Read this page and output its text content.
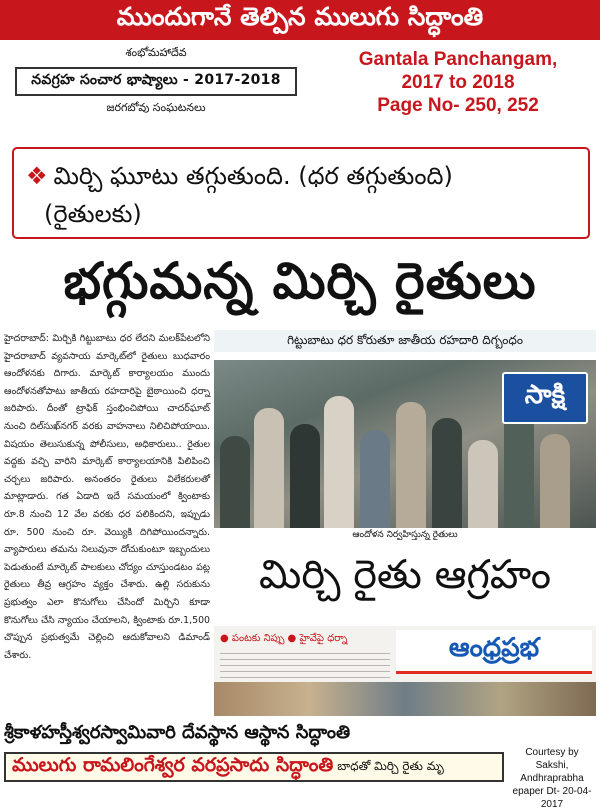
ముందుగానే తెల్పిన ములుగు సిద్ధాంతి
శంభోమహాదేవ
నవగ్రహ సంచార భాష్యాలు - 2017-2018
జరగబోవు సంఘటనలు
Gantala Panchangam,
2017 to 2018
Page No- 250, 252
❖ మిర్చి ఘూటు తగ్గుతుంది. (ధర తగ్గుతుంది)
(రైతులకు)
భగ్గుమన్న మిర్చి రైతులు
హైదరాబాద్: మిర్చికి గిట్టుబాటు ధర లేదని మలక్‌పేటలోని హైదరాబాద్ వ్యవసాయ మార్కెట్‌లో రైతులు బుధవారం ఆందోళనకు దిగారు. మార్కెట్ కార్యాలయం ముందు ఆందోళనతోపాటు జాతీయ రహదారిపై బైఠాయించి ధర్నా జరిపారు. దీంతో ట్రాఫిక్ స్తంభించిపోయి చాదర్‌ఘాట్ నుంచి దిల్‌సుఖ్‌నగర్ వరకు వాహనాలు నిలిచిపోయాయి. విషయం తెలుసుకున్న పోలీసులు, అధికారులు.. రైతుల వద్దకు వచ్చి వారిని మార్కెట్ కార్యాలయానికి పిలిపించి చర్చలు జరిపారు. అనంతరం రైతులు విలేకరులతో మాట్లాడారు. గత ఏడాది ఇదే సమయంలో క్వింటాకు రూ.8 నుంచి 12 వేల వరకు ధర పలికిందని, ఇప్పుడు రూ. 500 నుంచి రూ. వెయ్యికి దిగిపోయిందన్నారు. వ్యాపారులు తమను నిలువునా దోచుకుంటూ ఇబ్బందులు పెడుతుంటే మార్కెట్ పాలకులు చోద్యం చూస్తుండటం పట్ల రైతులు తీవ్ర ఆగ్రహం వ్యక్తం చేశారు. ఉల్లి సరుకును ప్రభుత్వం ఎలా కొనుగోలు చేసిందో మిర్చిని కూడా కొనుగోలు చేసి న్యాయం చేయాలని, క్వింటాకు రూ.1,500 చొప్పున ప్రభుత్వమే చెల్లించి ఆదుకోవాలని డిమాండ్ చేశారు.
గిట్టుబాటు ధర కోరుతూ జాతీయ రహదారి దిగ్బంధం
సాక్షి
ఆందోళన నిర్వహిస్తున్న రైతులు
మిర్చి రైతు ఆగ్రహం
● పంటకు నిప్పు ● హైవేపై ధర్నా	ఆంధ్రప్రభ
శ్రీకాళహస్తీశ్వరస్వామివారి దేవస్థాన ఆస్థాన సిద్ధాంతి
ములుగు రామలింగేశ్వర వరప్రసాదు సిద్ధాంతి బాధతో మిర్చి రైతు మృ
Courtesy by
Sakshi, Andhraprabha
epaper Dt- 20-04-2017
